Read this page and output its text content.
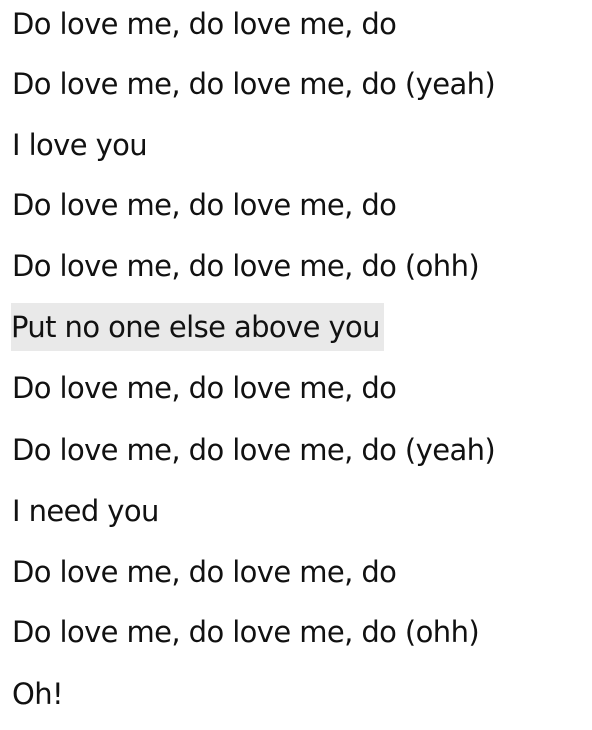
Do love me, do love me, do
Do love me, do love me, do (yeah)
I love you
Do love me, do love me, do
Do love me, do love me, do (ohh)
Put no one else above you
Do love me, do love me, do
Do love me, do love me, do (yeah)
I need you
Do love me, do love me, do
Do love me, do love me, do (ohh)
Oh!
